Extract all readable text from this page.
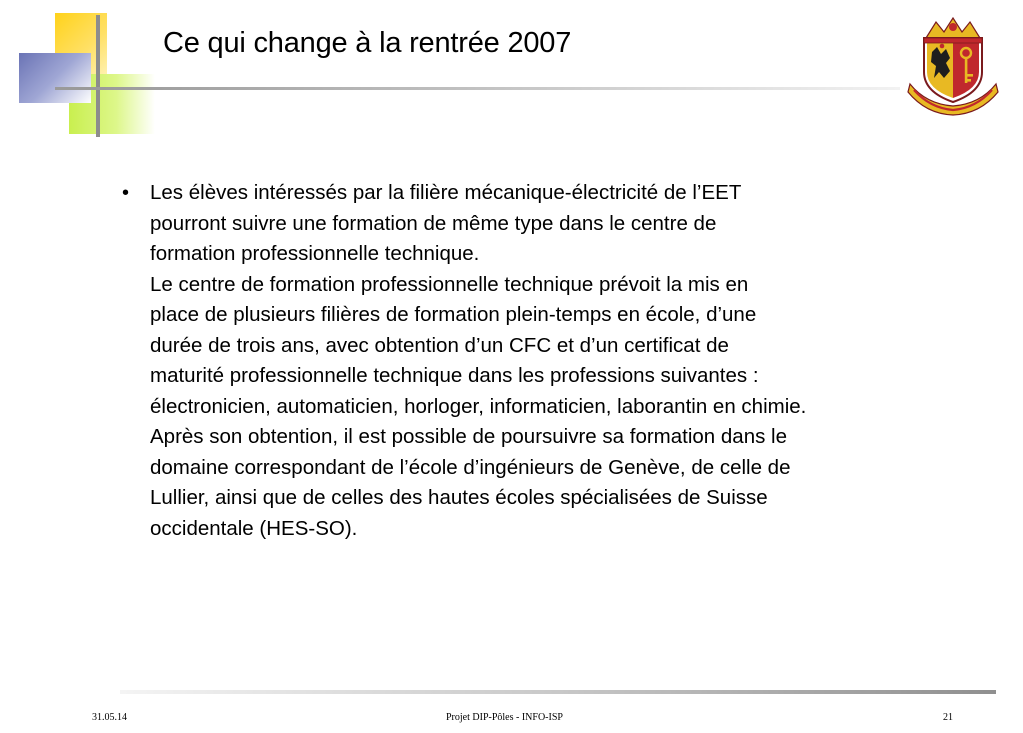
Ce qui change à la rentrée 2007
•	Les élèves intéressés par la filière mécanique-électricité de l’EET
pourront suivre une formation de même type dans le centre de
formation professionnelle technique.
Le centre de formation professionnelle technique prévoit la mis en
place de plusieurs filières de formation plein-temps en école, d’une
durée de trois ans, avec obtention d’un CFC et d’un certificat de
maturité professionnelle technique dans les professions suivantes :
électronicien, automaticien, horloger, informaticien, laborantin en chimie.
Après son obtention, il est possible de poursuivre sa formation dans le
domaine correspondant de l’école d’ingénieurs de Genève, de celle de
Lullier, ainsi que de celles des hautes écoles spécialisées de Suisse
occidentale (HES-SO).
31.05.14	Projet DIP-Pôles - INFO-ISP	21
